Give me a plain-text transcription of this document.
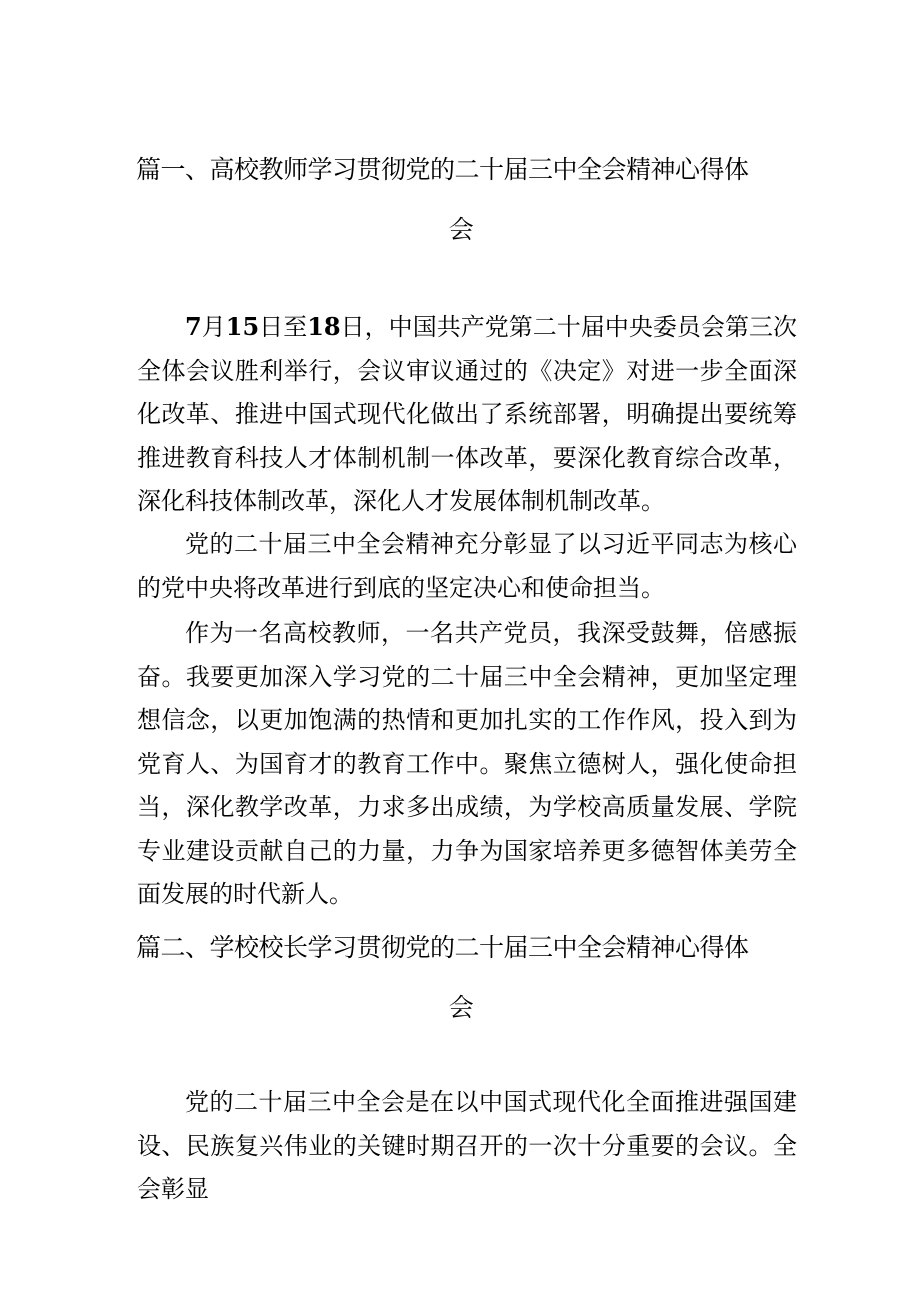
篇一、高校教师学习贯彻党的二十届三中全会精神心得体
会

7月15日至18日，中国共产党第二十届中央委员会第三次全体会议胜利举行，会议审议通过的《决定》对进一步全面深化改革、推进中国式现代化做出了系统部署，明确提出要统筹推进教育科技人才体制机制一体改革，要深化教育综合改革，深化科技体制改革，深化人才发展体制机制改革。

党的二十届三中全会精神充分彰显了以习近平同志为核心的党中央将改革进行到底的坚定决心和使命担当。

作为一名高校教师，一名共产党员，我深受鼓舞，倍感振奋。我要更加深入学习党的二十届三中全会精神，更加坚定理想信念，以更加饱满的热情和更加扎实的工作作风，投入到为党育人、为国育才的教育工作中。聚焦立德树人，强化使命担当，深化教学改革，力求多出成绩，为学校高质量发展、学院专业建设贡献自己的力量，力争为国家培养更多德智体美劳全面发展的时代新人。

篇二、学校校长学习贯彻党的二十届三中全会精神心得体
会

党的二十届三中全会是在以中国式现代化全面推进强国建设、民族复兴伟业的关键时期召开的一次十分重要的会议。全会彰显
